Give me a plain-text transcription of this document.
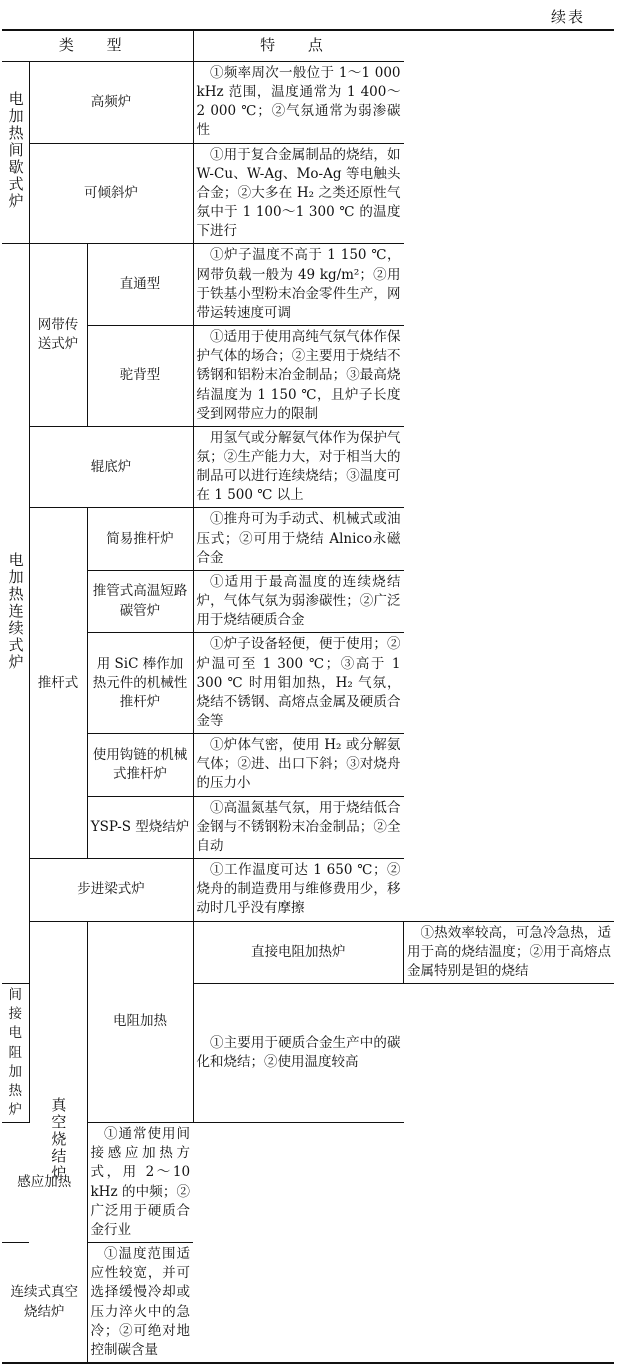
续表
类 型			特 点	
电加热间歇式炉	高频炉		①频率周次一般位于 1～1 000 kHz 范围，温度通常为 1 400～2 000 ℃；②气氛通常为弱渗碳性	
	可倾斜炉		①用于复合金属制品的烧结，如 W-Cu、W-Ag、Mo-Ag 等电触头合金；②大多在 H₂ 之类还原性气氛中于 1 100～1 300 ℃ 的温度下进行	
电加热连续式炉	网带传送式炉	直通型	①炉子温度不高于 1 150 ℃，网带负载一般为 49 kg/m²；②用于铁基小型粉末冶金零件生产，网带运转速度可调	
		驼背型	①适用于使用高纯气氛气体作保护气体的场合；②主要用于烧结不锈钢和铝粉末冶金制品；③最高烧结温度为 1 150 ℃，且炉子长度受到网带应力的限制	
	辊底炉		用氢气或分解氨气体作为保护气氛；②生产能力大，对于相当大的制品可以进行连续烧结；③温度可在 1 500 ℃ 以上	
	推杆式	简易推杆炉	①推舟可为手动式、机械式或油压式；②可用于烧结 Alnico永磁合金	
		推管式高温短路碳管炉	①适用于最高温度的连续烧结炉，气体气氛为弱渗碳性；②广泛用于烧结硬质合金	
		用 SiC 棒作加热元件的机械性推杆炉	①炉子设备轻便，便于使用；②炉温可至 1 300 ℃；③高于 1 300 ℃ 时用钼加热，H₂ 气氛，烧结不锈钢、高熔点金属及硬质合金等	
		使用钩链的机械式推杆炉	①炉体气密，使用 H₂ 或分解氨气体；②进、出口下斜；③对烧舟的压力小	
		YSP-S 型烧结炉	①高温氮基气氛，用于烧结低合金钢与不锈钢粉末冶金制品；②全自动	
	步进梁式炉		①工作温度可达 1 650 ℃；②烧舟的制造费用与维修费用少，移动时几乎没有摩擦	
	真空烧结炉	电阻加热	直接电阻加热炉	①热效率较高，可急冷急热，适用于高的烧结温度；②用于高熔点金属特别是钽的烧结
间接电阻加热炉			①主要用于硬质合金生产中的碳化和烧结；②使用温度较高	
感应加热		①通常使用间接感应加热方式，用 2～10 kHz 的中频；②广泛用于硬质合金行业		
连续式真空烧结炉		①温度范围适应性较宽，并可选择缓慢冷却或压力淬火中的急冷；②可绝对地控制碳含量		
